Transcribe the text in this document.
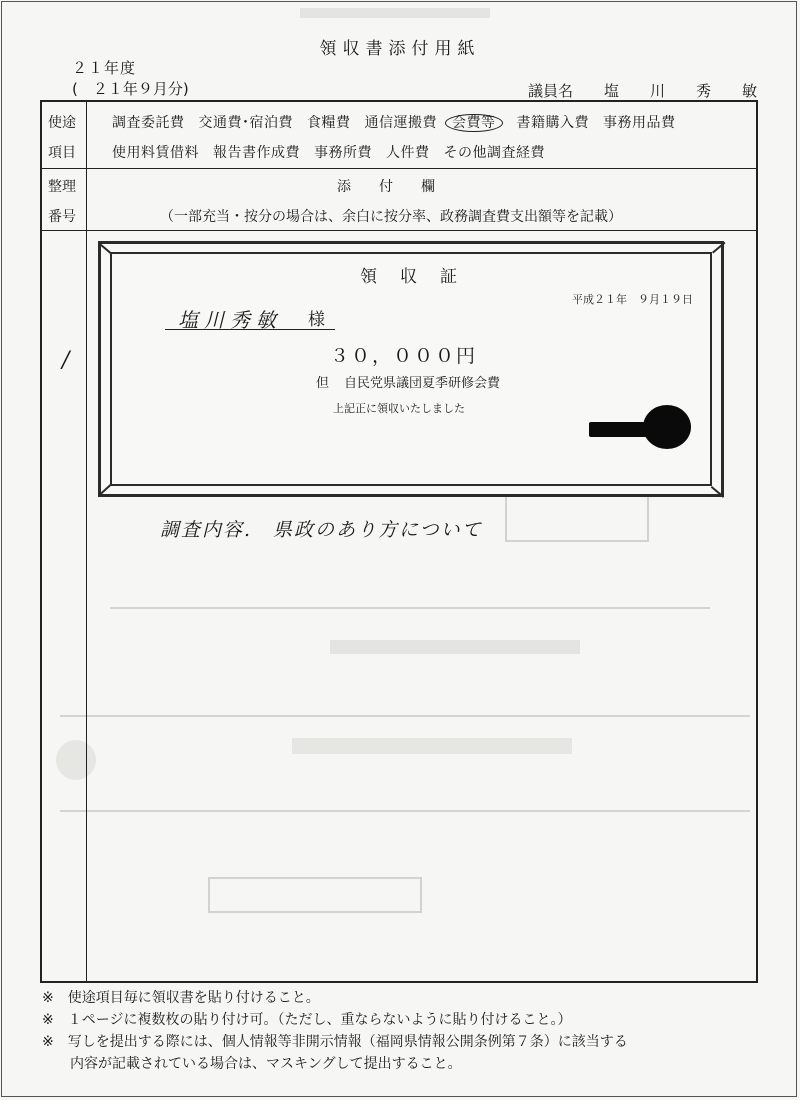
領収書添付用紙
２１年度
(　２１年９月分)	議員名 塩　川　秀　敏
使途
項目
調査委託費 交通費･宿泊費 食糧費 通信運搬費 会費等 書籍購入費 事務用品費
使用料賃借料 報告書作成費 事務所費 人件費 その他調査経費
整理
番号
添　　付　　欄
（一部充当・按分の場合は、余白に按分率、政務調査費支出額等を記載）
/
領　収　証
平成２１年　９月１９日
塩川秀敏 様
３０，０００円
但 自民党県議団夏季研修会費
上記正に領収いたしました
調査内容.　県政のあり方について
※　使途項目毎に領収書を貼り付けること。
※　１ページに複数枚の貼り付け可。（ただし、重ならないように貼り付けること。）
※　写しを提出する際には、個人情報等非開示情報（福岡県情報公開条例第７条）に該当する
　　内容が記載されている場合は、マスキングして提出すること。
